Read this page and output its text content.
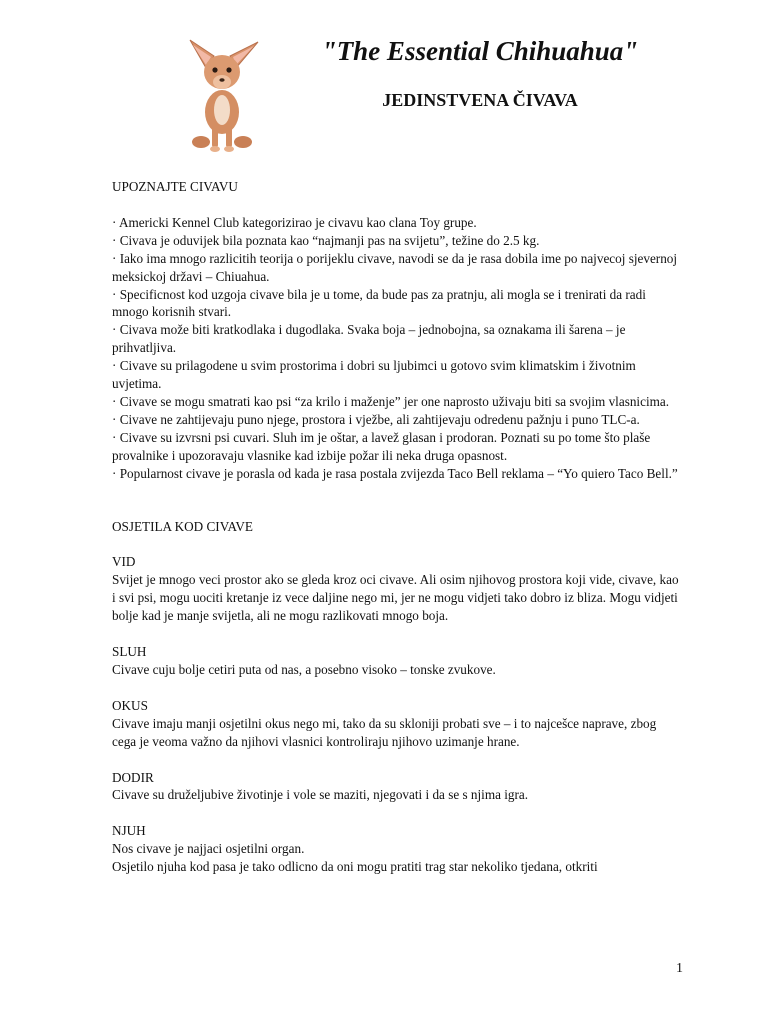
"The Essential Chihuahua"
JEDINSTVENA ČIVAVA

UPOZNAJTE CIVAVU

· Americki Kennel Club kategorizirao je civavu kao clana Toy grupe.

· Civava je oduvijek bila poznata kao “najmanji pas na svijetu”, težine do 2.5 kg.

· Iako ima mnogo razlicitih teorija o porijeklu civave, navodi se da je rasa dobila ime po najvecoj sjevernoj meksickoj državi – Chiuahua.

· Specificnost kod uzgoja civave bila je u tome, da bude pas za pratnju, ali mogla se i trenirati da radi mnogo korisnih stvari.

· Civava može biti kratkodlaka i dugodlaka. Svaka boja – jednobojna, sa oznakama ili šarena – je prihvatljiva.

· Civave su prilagodene u svim prostorima i dobri su ljubimci u gotovo svim klimatskim i životnim uvjetima.

· Civave se mogu smatrati kao psi “za krilo i maženje” jer one naprosto uživaju biti sa svojim vlasnicima.

· Civave ne zahtijevaju puno njege, prostora i vježbe, ali zahtijevaju odredenu pažnju i puno TLC-a.

· Civave su izvrsni psi cuvari. Sluh im je oštar, a lavež glasan i prodoran. Poznati su po tome što plaše provalnike i upozoravaju vlasnike kad izbije požar ili neka druga opasnost.

· Popularnost civave je porasla od kada je rasa postala zvijezda Taco Bell reklama – “Yo quiero Taco Bell.”

OSJETILA KOD CIVAVE

VID

Svijet je mnogo veci prostor ako se gleda kroz oci civave. Ali osim njihovog prostora koji vide, civave, kao i svi psi, mogu uociti kretanje iz vece daljine nego mi, jer ne mogu vidjeti tako dobro iz bliza. Mogu vidjeti bolje kad je manje svijetla, ali ne mogu razlikovati mnogo boja.

SLUH

Civave cuju bolje cetiri puta od nas, a posebno visoko – tonske zvukove.

OKUS

Civave imaju manji osjetilni okus nego mi, tako da su skloniji probati sve – i to najcešce naprave, zbog cega je veoma važno da njihovi vlasnici kontroliraju njihovo uzimanje hrane.

DODIR

Civave su druželjubive životinje i vole se maziti, njegovati i da se s njima igra.

NJUH

Nos civave je najjaci osjetilni organ.

Osjetilo njuha kod pasa je tako odlicno da oni mogu pratiti trag star nekoliko tjedana, otkriti

1
